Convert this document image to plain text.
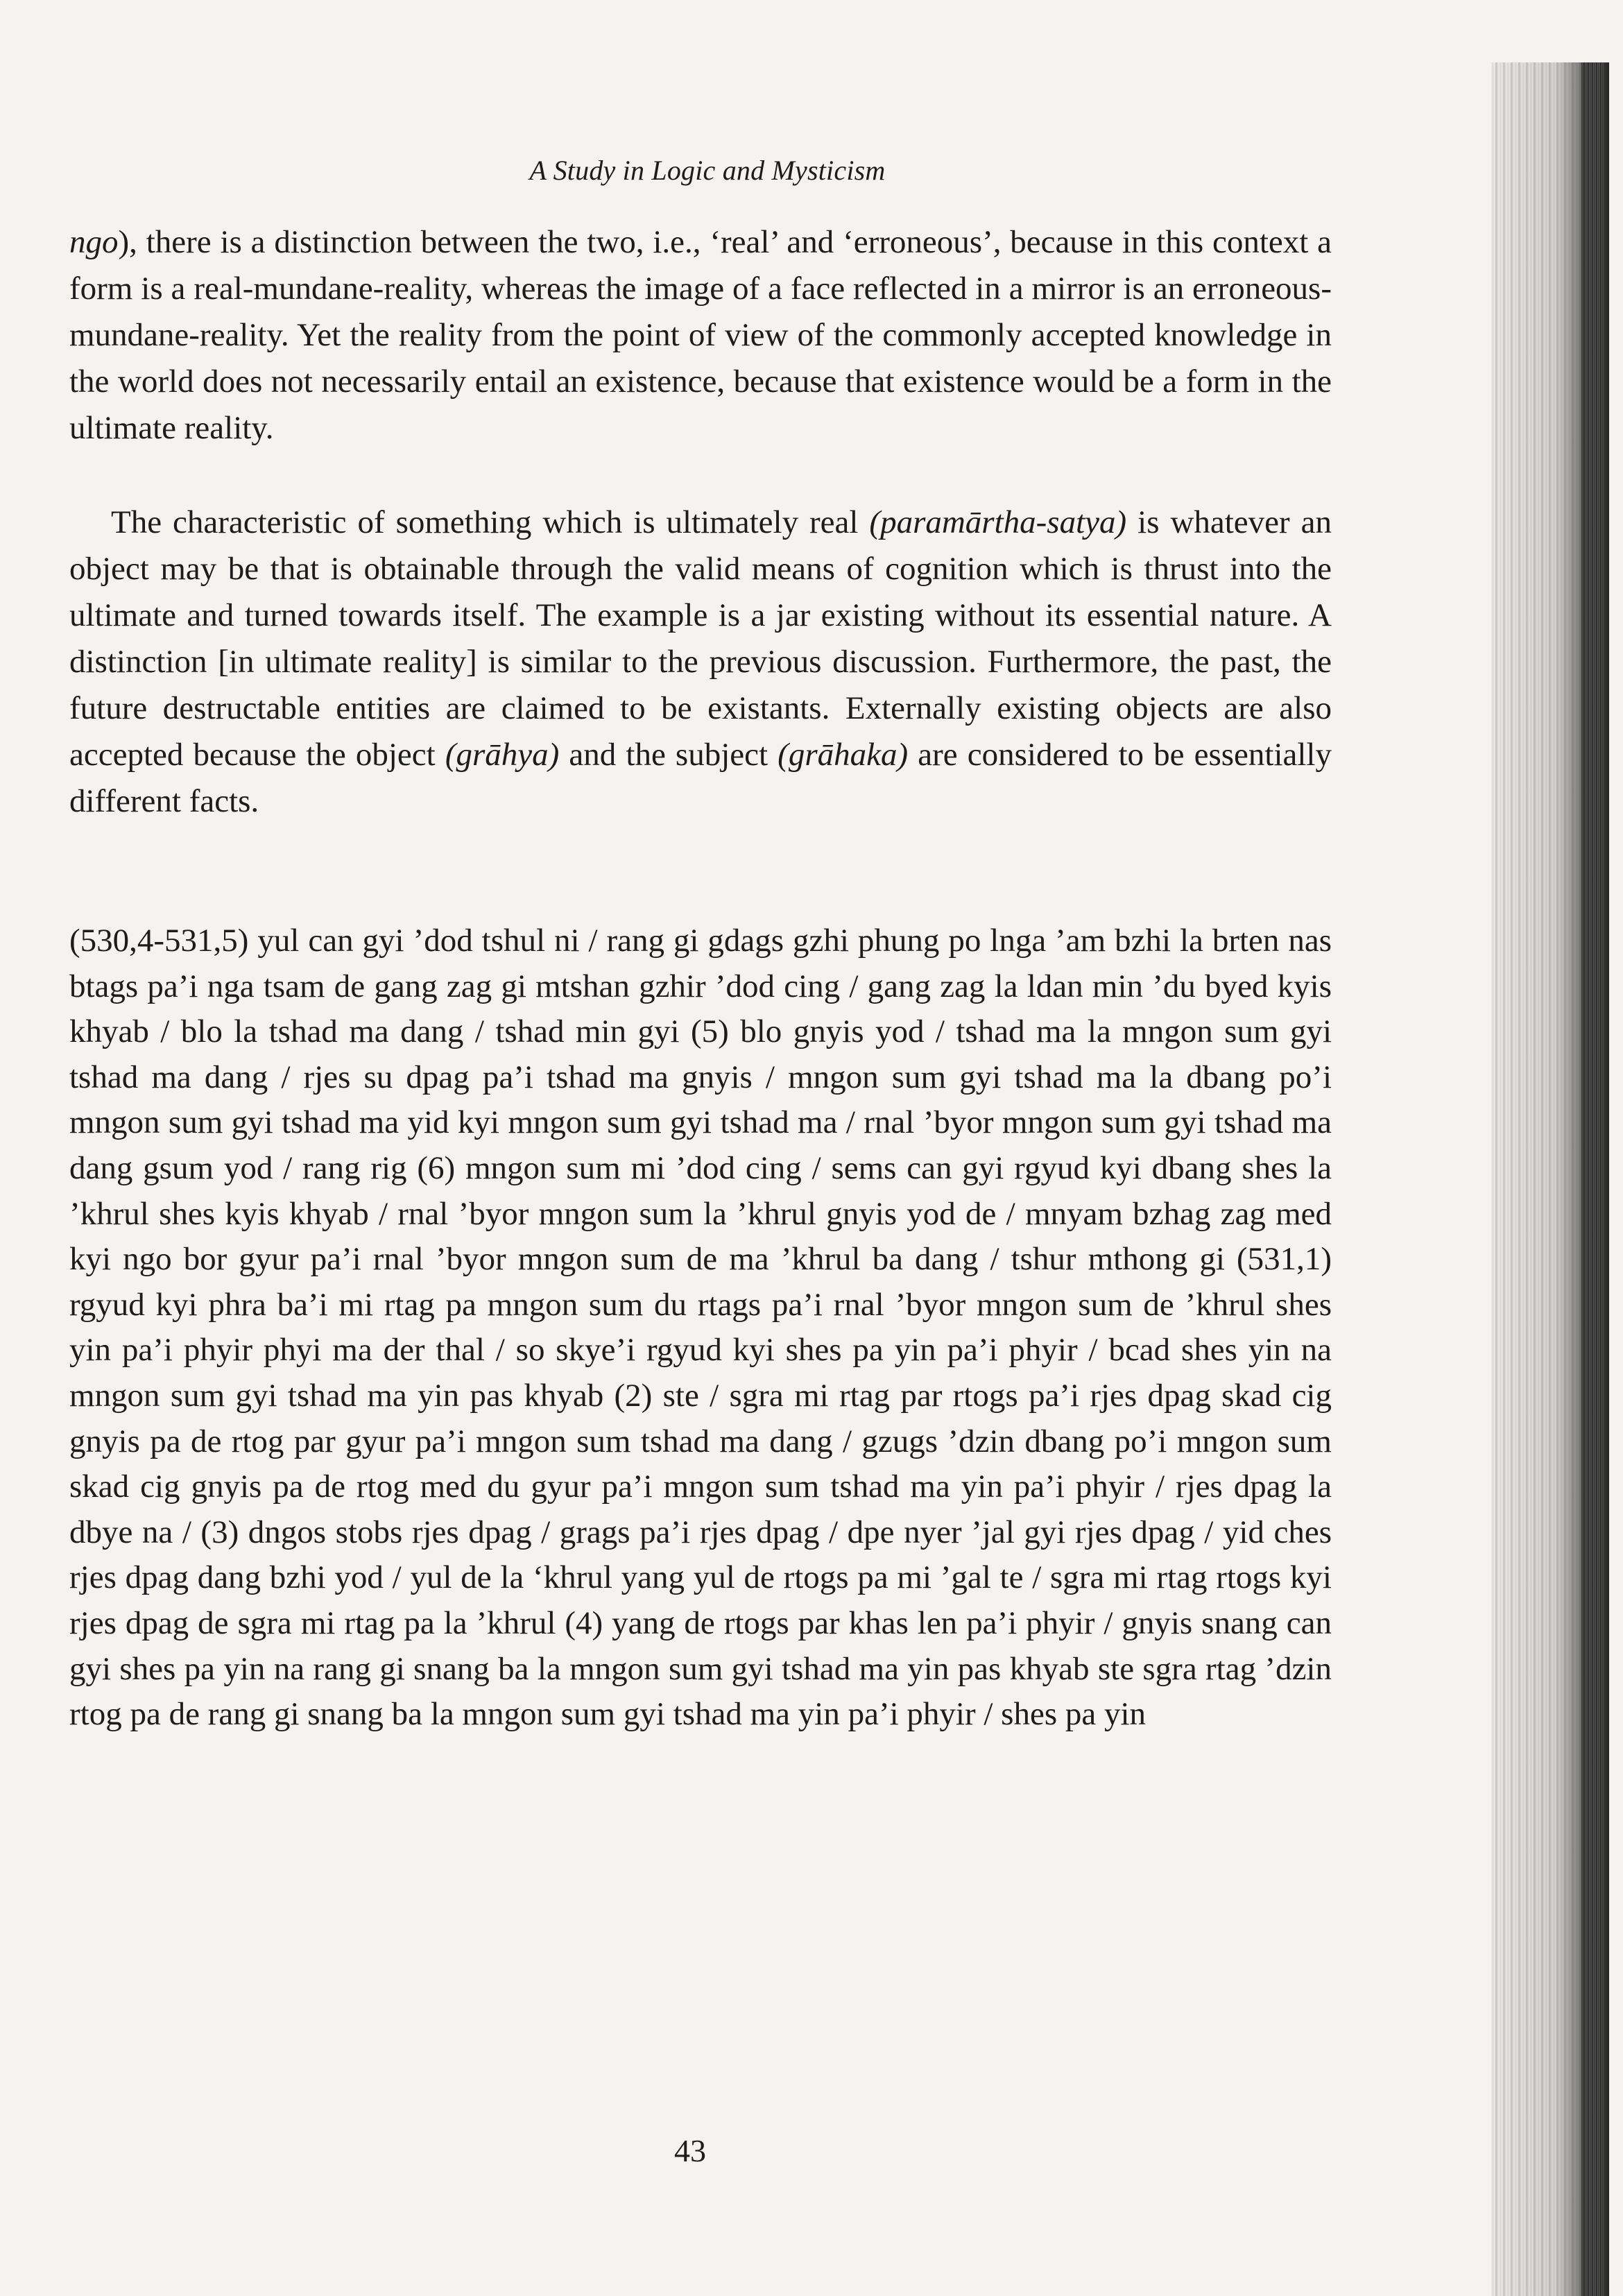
A Study in Logic and Mysticism

ngo), there is a distinction between the two, i.e., ‘real’ and ‘erroneous’, because in this context a form is a real-mundane-reality, whereas the image of a face reflected in a mirror is an erroneous-mundane-reality. Yet the reality from the point of view of the commonly accepted knowledge in the world does not necessarily entail an existence, because that existence would be a form in the ultimate reality.

The characteristic of something which is ultimately real (paramārtha-satya) is whatever an object may be that is obtainable through the valid means of cognition which is thrust into the ultimate and turned towards itself. The example is a jar existing without its essential nature. A distinction [in ultimate reality] is similar to the previous discussion. Furthermore, the past, the future destructable entities are claimed to be existants. Externally existing objects are also accepted because the object (grāhya) and the subject (grāhaka) are considered to be essentially different facts.

(530,4-531,5) yul can gyi ’dod tshul ni / rang gi gdags gzhi phung po lnga ’am bzhi la brten nas btags pa’i nga tsam de gang zag gi mtshan gzhir ’dod cing / gang zag la ldan min ’du byed kyis khyab / blo la tshad ma dang / tshad min gyi (5) blo gnyis yod / tshad ma la mngon sum gyi tshad ma dang / rjes su dpag pa’i tshad ma gnyis / mngon sum gyi tshad ma la dbang po’i mngon sum gyi tshad ma yid kyi mngon sum gyi tshad ma / rnal ’byor mngon sum gyi tshad ma dang gsum yod / rang rig (6) mngon sum mi ’dod cing / sems can gyi rgyud kyi dbang shes la ’khrul shes kyis khyab / rnal ’byor mngon sum la ’khrul gnyis yod de / mnyam bzhag zag med kyi ngo bor gyur pa’i rnal ’byor mngon sum de ma ’khrul ba dang / tshur mthong gi (531,1) rgyud kyi phra ba’i mi rtag pa mngon sum du rtags pa’i rnal ’byor mngon sum de ’khrul shes yin pa’i phyir phyi ma der thal / so skye’i rgyud kyi shes pa yin pa’i phyir / bcad shes yin na mngon sum gyi tshad ma yin pas khyab (2) ste / sgra mi rtag par rtogs pa’i rjes dpag skad cig gnyis pa de rtog par gyur pa’i mngon sum tshad ma dang / gzugs ’dzin dbang po’i mngon sum skad cig gnyis pa de rtog med du gyur pa’i mngon sum tshad ma yin pa’i phyir / rjes dpag la dbye na / (3) dngos stobs rjes dpag / grags pa’i rjes dpag / dpe nyer ’jal gyi rjes dpag / yid ches rjes dpag dang bzhi yod / yul de la ‘khrul yang yul de rtogs pa mi ’gal te / sgra mi rtag rtogs kyi rjes dpag de sgra mi rtag pa la ’khrul (4) yang de rtogs par khas len pa’i phyir / gnyis snang can gyi shes pa yin na rang gi snang ba la mngon sum gyi tshad ma yin pas khyab ste sgra rtag ’dzin rtog pa de rang gi snang ba la mngon sum gyi tshad ma yin pa’i phyir / shes pa yin

43
